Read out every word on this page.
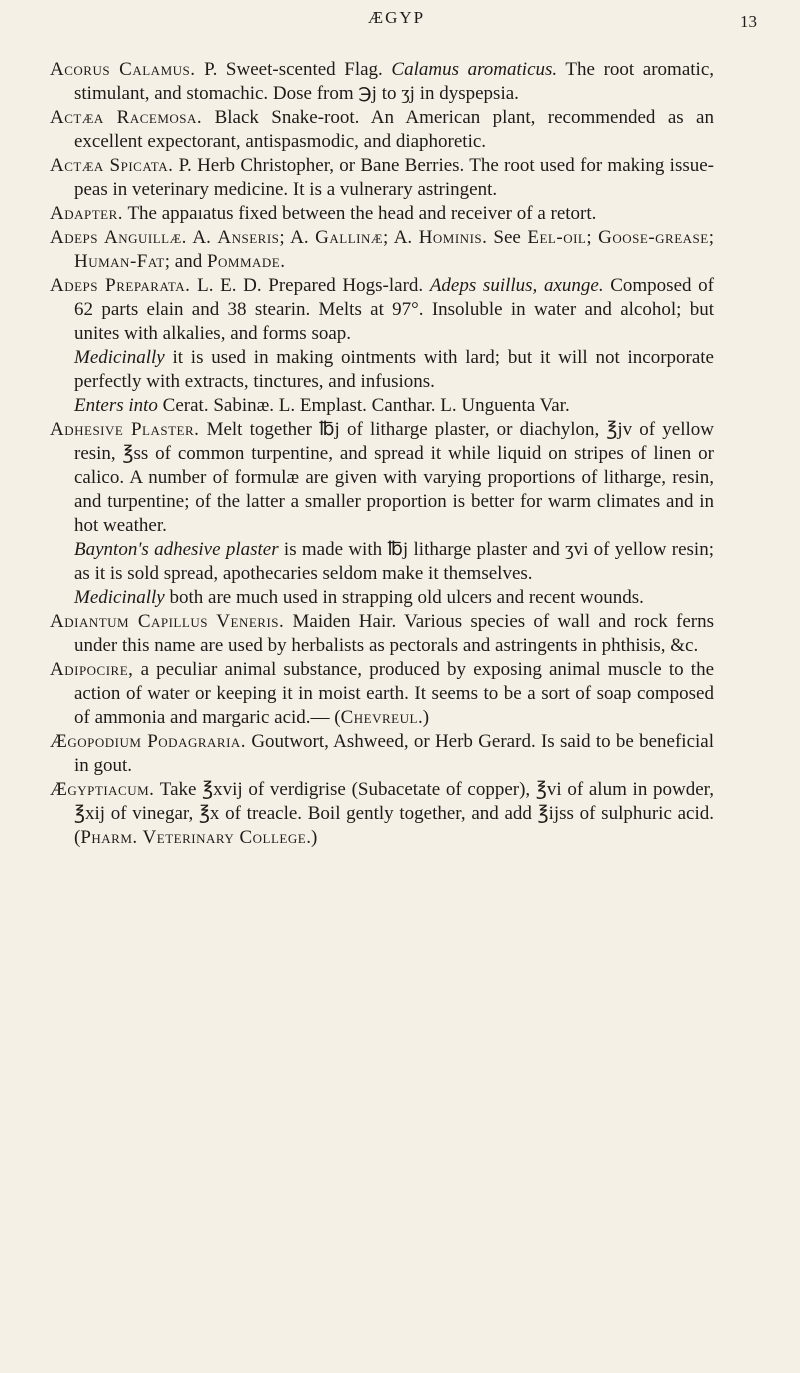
ÆGYP	13

Acorus Calamus. P. Sweet-scented Flag. Calamus aromaticus. The root aromatic, stimulant, and stomachic. Dose from ℈j to ʒj in dyspepsia.

Actæa Racemosa. Black Snake-root. An American plant, recommended as an excellent expectorant, antispasmodic, and diaphoretic.

Actæa Spicata. P. Herb Christopher, or Bane Berries. The root used for making issue-peas in veterinary medicine. It is a vulnerary astringent.

Adapter. The appaıatus fixed between the head and receiver of a retort.

Adeps Anguillæ. A. Anseris; A. Gallinæ; A. Hominis. See Eel-oil; Goose-grease; Human-Fat; and Pommade.

Adeps Preparata. L. E. D. Prepared Hogs-lard. Adeps suillus, axunge. Composed of 62 parts elain and 38 stearin. Melts at 97°. Insoluble in water and alcohol; but unites with alkalies, and forms soap.

Medicinally it is used in making ointments with lard; but it will not incorporate perfectly with extracts, tinctures, and infusions.

Enters into Cerat. Sabinæ. L. Emplast. Canthar. L. Unguenta Var.

Adhesive Plaster. Melt together ℔j of litharge plaster, or diachylon, ℥jv of yellow resin, ℥ss of common turpentine, and spread it while liquid on stripes of linen or calico. A number of formulæ are given with varying proportions of litharge, resin, and turpentine; of the latter a smaller proportion is better for warm climates and in hot weather.

Baynton's adhesive plaster is made with ℔j litharge plaster and ʒvi of yellow resin; as it is sold spread, apothecaries seldom make it themselves.

Medicinally both are much used in strapping old ulcers and recent wounds.

Adiantum Capillus Veneris. Maiden Hair. Various species of wall and rock ferns under this name are used by herbalists as pectorals and astringents in phthisis, &c.

Adipocire, a peculiar animal substance, produced by exposing animal muscle to the action of water or keeping it in moist earth. It seems to be a sort of soap composed of ammonia and margaric acid.— (Chevreul.)

Ægopodium Podagraria. Goutwort, Ashweed, or Herb Gerard. Is said to be beneficial in gout.

Ægyptiacum. Take ℥xvij of verdigrise (Subacetate of copper), ℥vi of alum in powder, ℥xij of vinegar, ℥x of treacle. Boil gently together, and add ℥ijss of sulphuric acid. (Pharm. Veterinary College.)
